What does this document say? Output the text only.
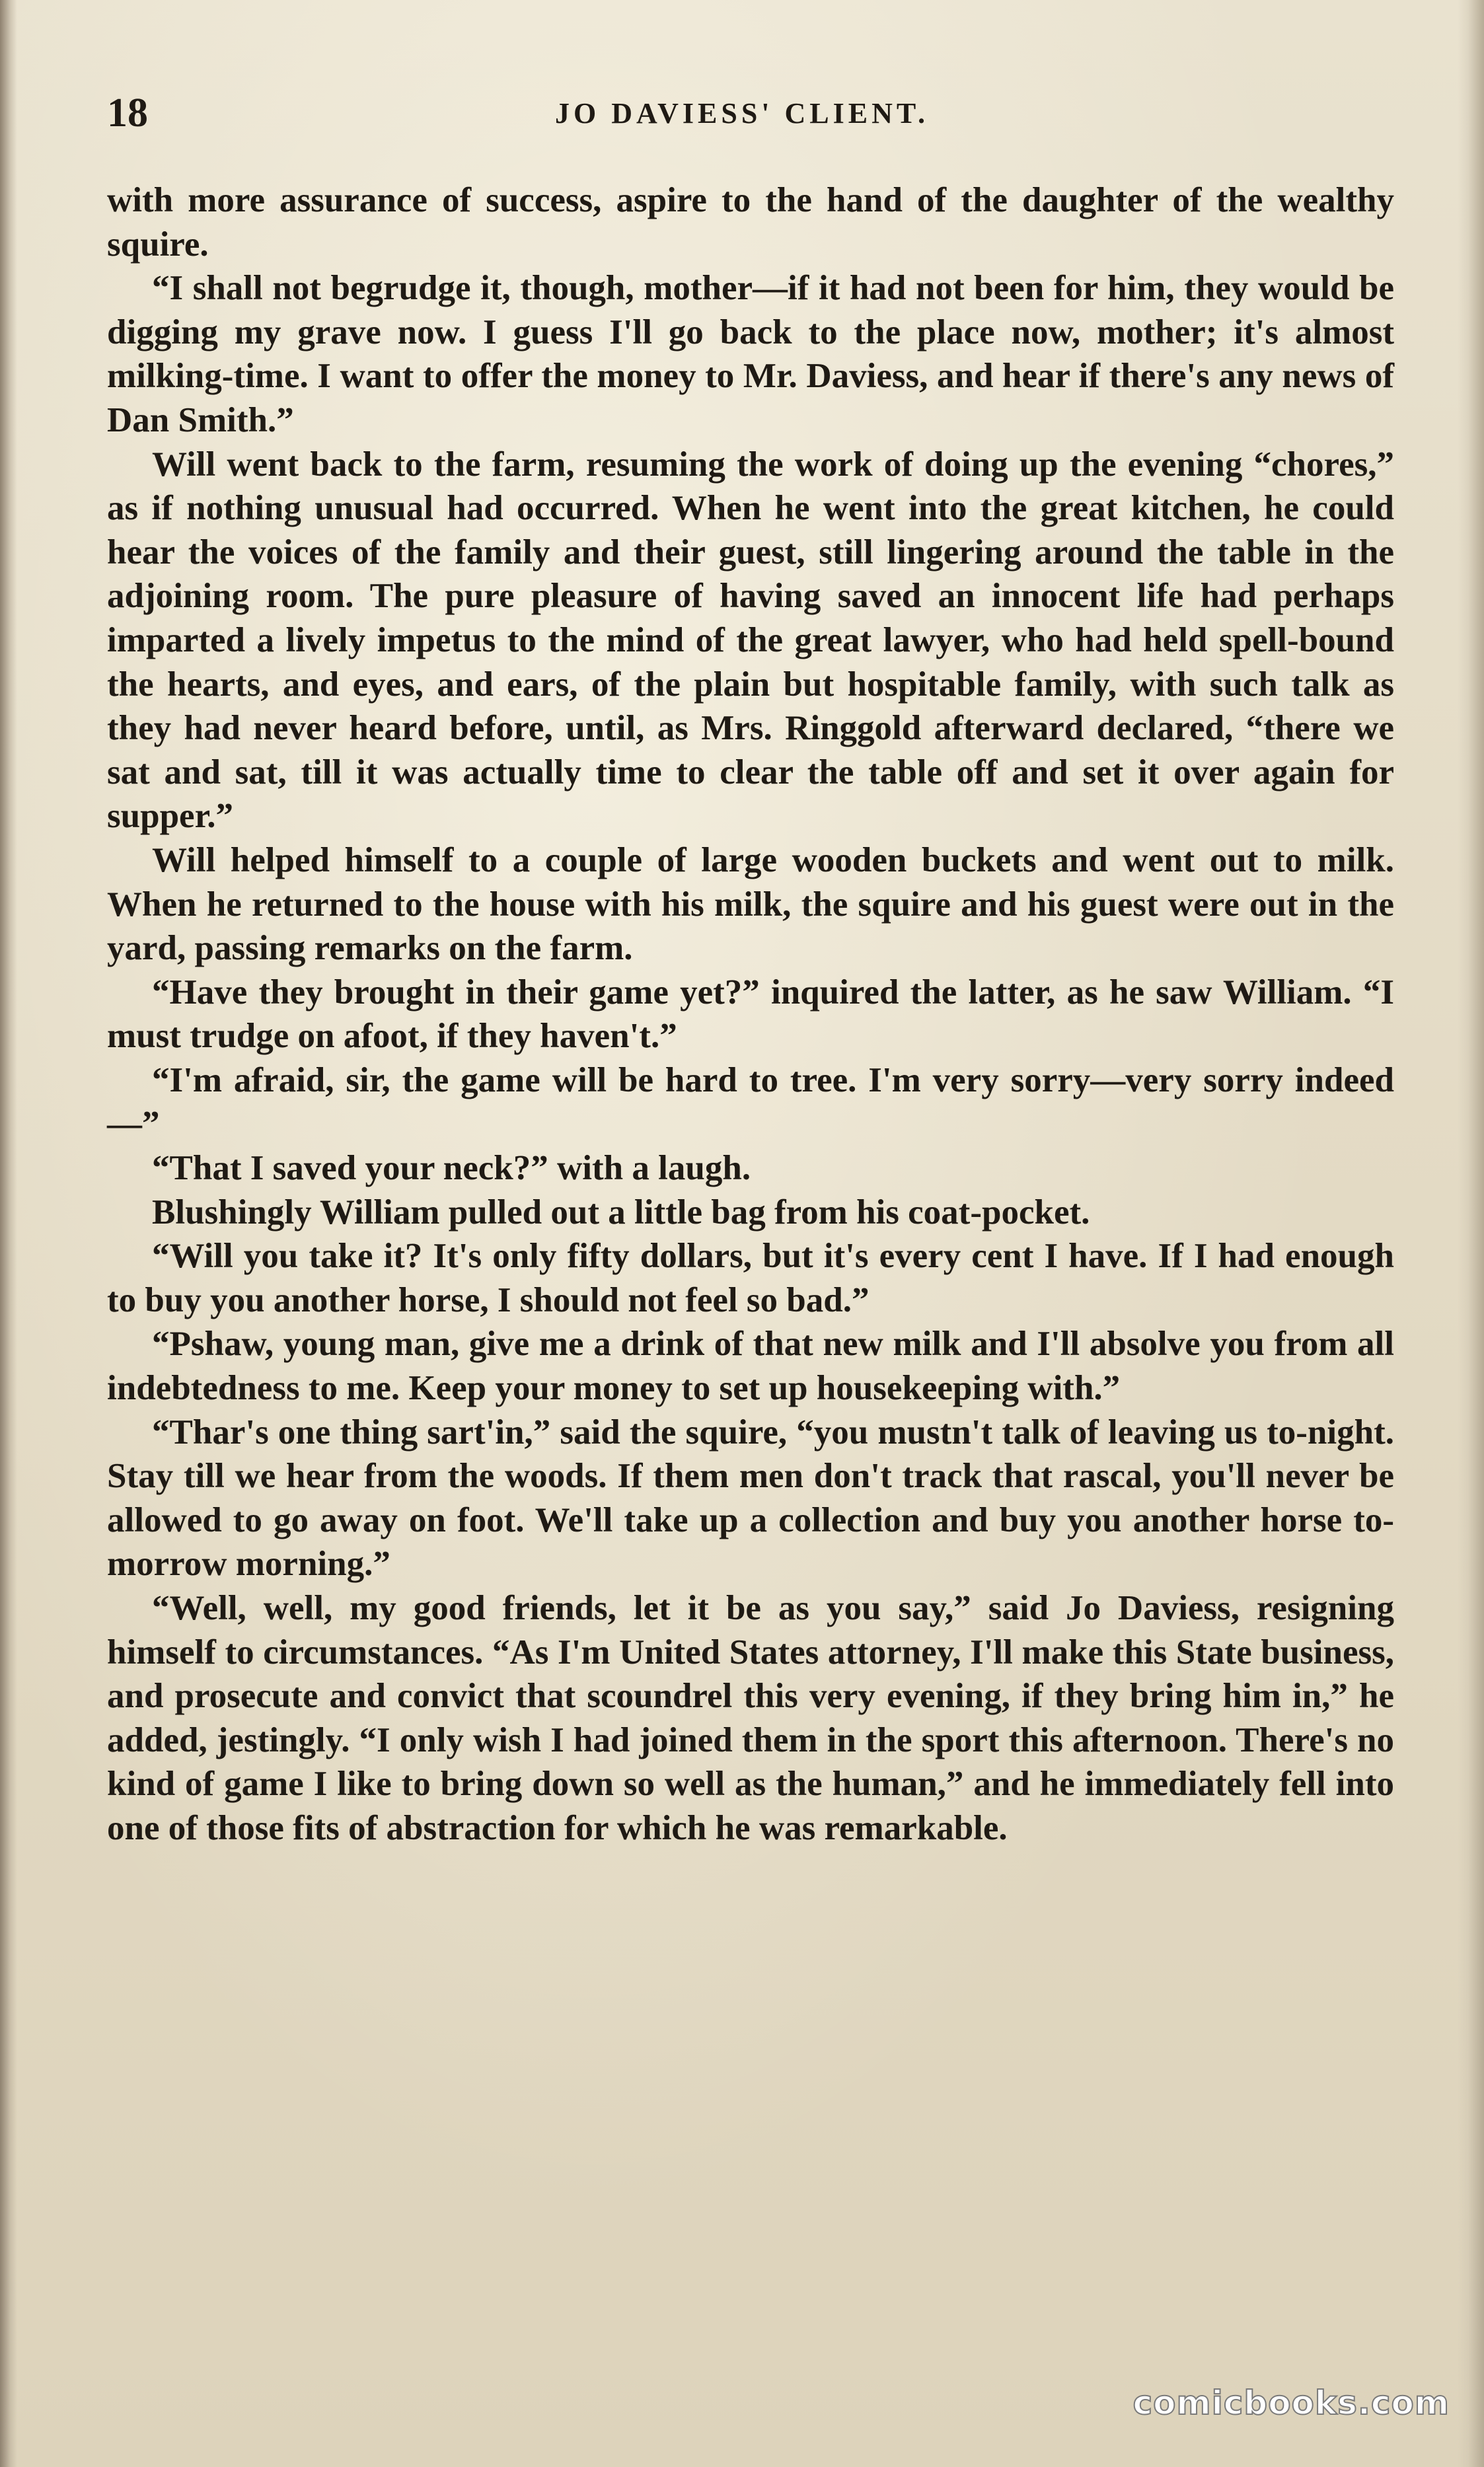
18	JO DAVIESS' CLIENT.

with more assurance of success, aspire to the hand of the daughter of the wealthy squire.

“I shall not begrudge it, though, mother—if it had not been for him, they would be digging my grave now. I guess I'll go back to the place now, mother; it's almost milking-time. I want to offer the money to Mr. Daviess, and hear if there's any news of Dan Smith.”

Will went back to the farm, resuming the work of doing up the evening “chores,” as if nothing unusual had occurred. When he went into the great kitchen, he could hear the voices of the family and their guest, still lingering around the table in the adjoining room. The pure pleasure of having saved an innocent life had perhaps imparted a lively impetus to the mind of the great lawyer, who had held spell-bound the hearts, and eyes, and ears, of the plain but hospitable family, with such talk as they had never heard before, until, as Mrs. Ringgold afterward declared, “there we sat and sat, till it was actually time to clear the table off and set it over again for supper.”

Will helped himself to a couple of large wooden buckets and went out to milk. When he returned to the house with his milk, the squire and his guest were out in the yard, passing remarks on the farm.

“Have they brought in their game yet?” inquired the latter, as he saw William. “I must trudge on afoot, if they haven't.”

“I'm afraid, sir, the game will be hard to tree. I'm very sorry—very sorry indeed—”

“That I saved your neck?” with a laugh.

Blushingly William pulled out a little bag from his coat-pocket.

“Will you take it? It's only fifty dollars, but it's every cent I have. If I had enough to buy you another horse, I should not feel so bad.”

“Pshaw, young man, give me a drink of that new milk and I'll absolve you from all indebtedness to me. Keep your money to set up housekeeping with.”

“Thar's one thing sart'in,” said the squire, “you mustn't talk of leaving us to-night. Stay till we hear from the woods. If them men don't track that rascal, you'll never be allowed to go away on foot. We'll take up a collection and buy you another horse to-morrow morning.”

“Well, well, my good friends, let it be as you say,” said Jo Daviess, resigning himself to circumstances. “As I'm United States attorney, I'll make this State business, and prosecute and convict that scoundrel this very evening, if they bring him in,” he added, jestingly. “I only wish I had joined them in the sport this afternoon. There's no kind of game I like to bring down so well as the human,” and he immediately fell into one of those fits of abstraction for which he was remarkable.

comicbooks.com
